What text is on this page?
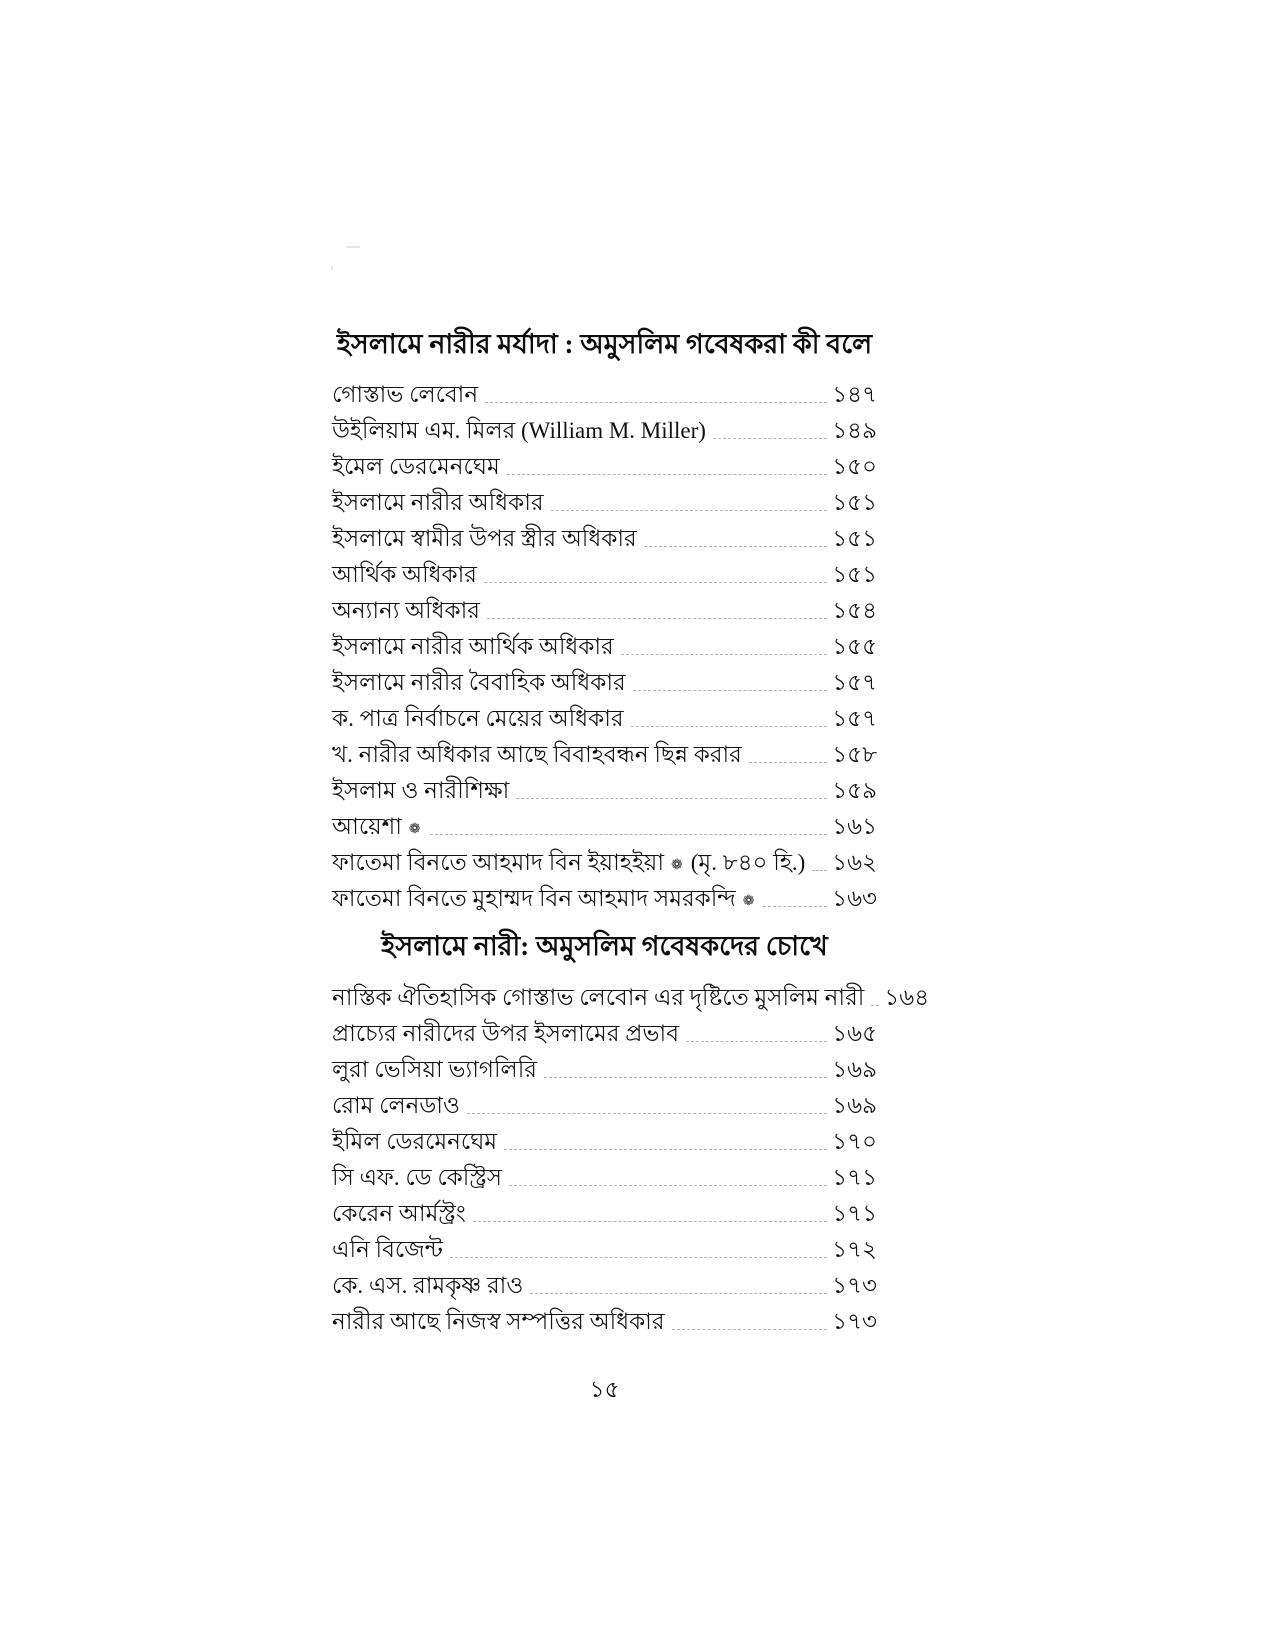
ইসলামে নারীর মর্যাদা : অমুসলিম গবেষকরা কী বলে
গোস্তাভ লেবোন	১৪৭
উইলিয়াম এম. মিলর (William M. Miller)	১৪৯
ইমেল ডেরমেনঘেম	১৫০
ইসলামে নারীর অধিকার	১৫১
ইসলামে স্বামীর উপর স্ত্রীর অধিকার	১৫১
আর্থিক অধিকার	১৫১
অন্যান্য অধিকার	১৫৪
ইসলামে নারীর আর্থিক অধিকার	১৫৫
ইসলামে নারীর বৈবাহিক অধিকার	১৫৭
ক. পাত্র নির্বাচনে মেয়ের অধিকার	১৫৭
খ. নারীর অধিকার আছে বিবাহবন্ধন ছিন্ন করার	১৫৮
ইসলাম ও নারীশিক্ষা	১৫৯
আয়েশা ❁	১৬১
ফাতেমা বিনতে আহমাদ বিন ইয়াহইয়া ❁ (মৃ. ৮৪০ হি.) ১৬২
ফাতেমা বিনতে মুহাম্মদ বিন আহমাদ সমরকন্দি ❁	১৬৩
ইসলামে নারী: অমুসলিম গবেষকদের চোখে
নাস্তিক ঐতিহাসিক গোস্তাভ লেবোন এর দৃষ্টিতে মুসলিম নারী ১৬৪
প্রাচ্যের নারীদের উপর ইসলামের প্রভাব	১৬৫
লুরা ভেসিয়া ভ্যাগলিরি	১৬৯
রোম লেনডাও	১৬৯
ইমিল ডেরমেনঘেম	১৭০
সি এফ. ডে কেস্ট্রিস	১৭১
কেরেন আর্মস্ট্রং	১৭১
এনি বিজেন্ট	১৭২
কে. এস. রামকৃষ্ণ রাও	১৭৩
নারীর আছে নিজস্ব সম্পত্তির অধিকার	১৭৩
১৫
